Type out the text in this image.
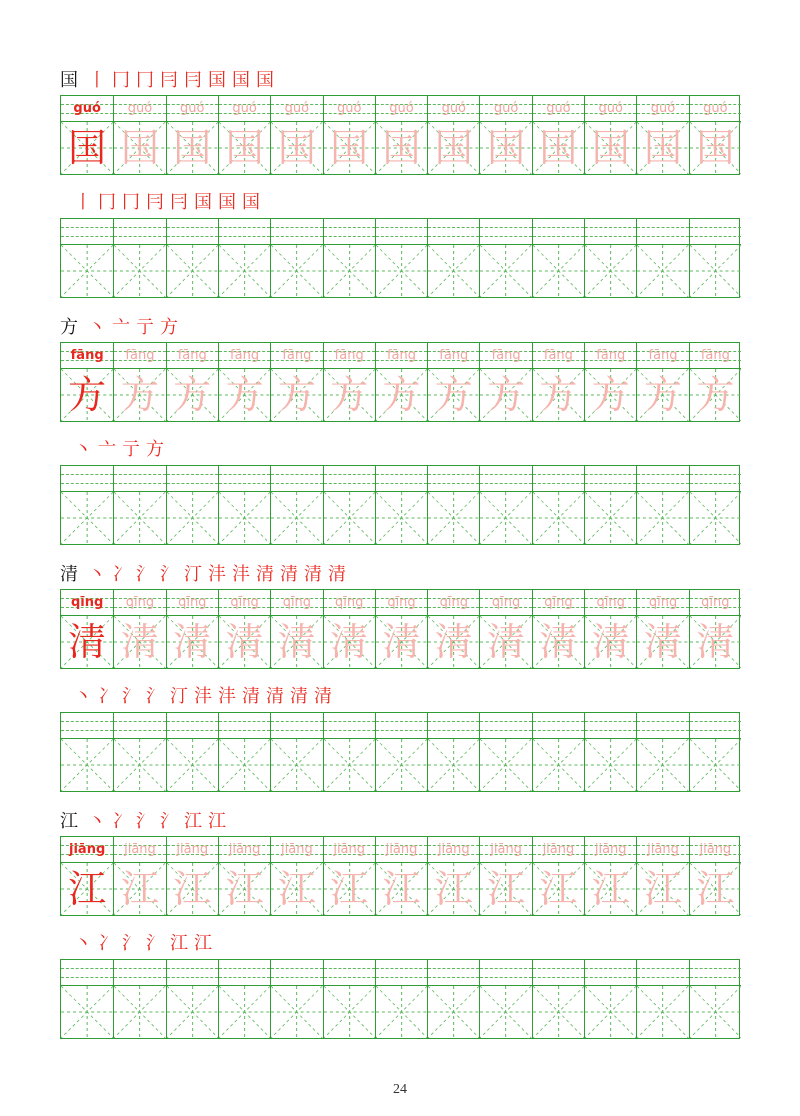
国 丨 冂 冂 冃 冃 国 国 国
guó
国
guó
国
guó
国
guó
国
guó
国
guó
国
guó
国
guó
国
guó
国
guó
国
guó
国
guó
国
guó
国
丨 冂 冂 冃 冃 国 国 国
方 丶 亠 亍 方
fāng
方
fāng
方
fāng
方
fāng
方
fāng
方
fāng
方
fāng
方
fāng
方
fāng
方
fāng
方
fāng
方
fāng
方
fāng
方
丶 亠 亍 方
清 丶 冫 氵 氵 汀 沣 沣 清 清 清 清
qīng
清
qīng
清
qīng
清
qīng
清
qīng
清
qīng
清
qīng
清
qīng
清
qīng
清
qīng
清
qīng
清
qīng
清
qīng
清
丶 冫 氵 氵 汀 沣 沣 清 清 清 清
江 丶 冫 氵 氵 江 江
jiāng
江
jiāng
江
jiāng
江
jiāng
江
jiāng
江
jiāng
江
jiāng
江
jiāng
江
jiāng
江
jiāng
江
jiāng
江
jiāng
江
jiāng
江
丶 冫 氵 氵 江 江
24
